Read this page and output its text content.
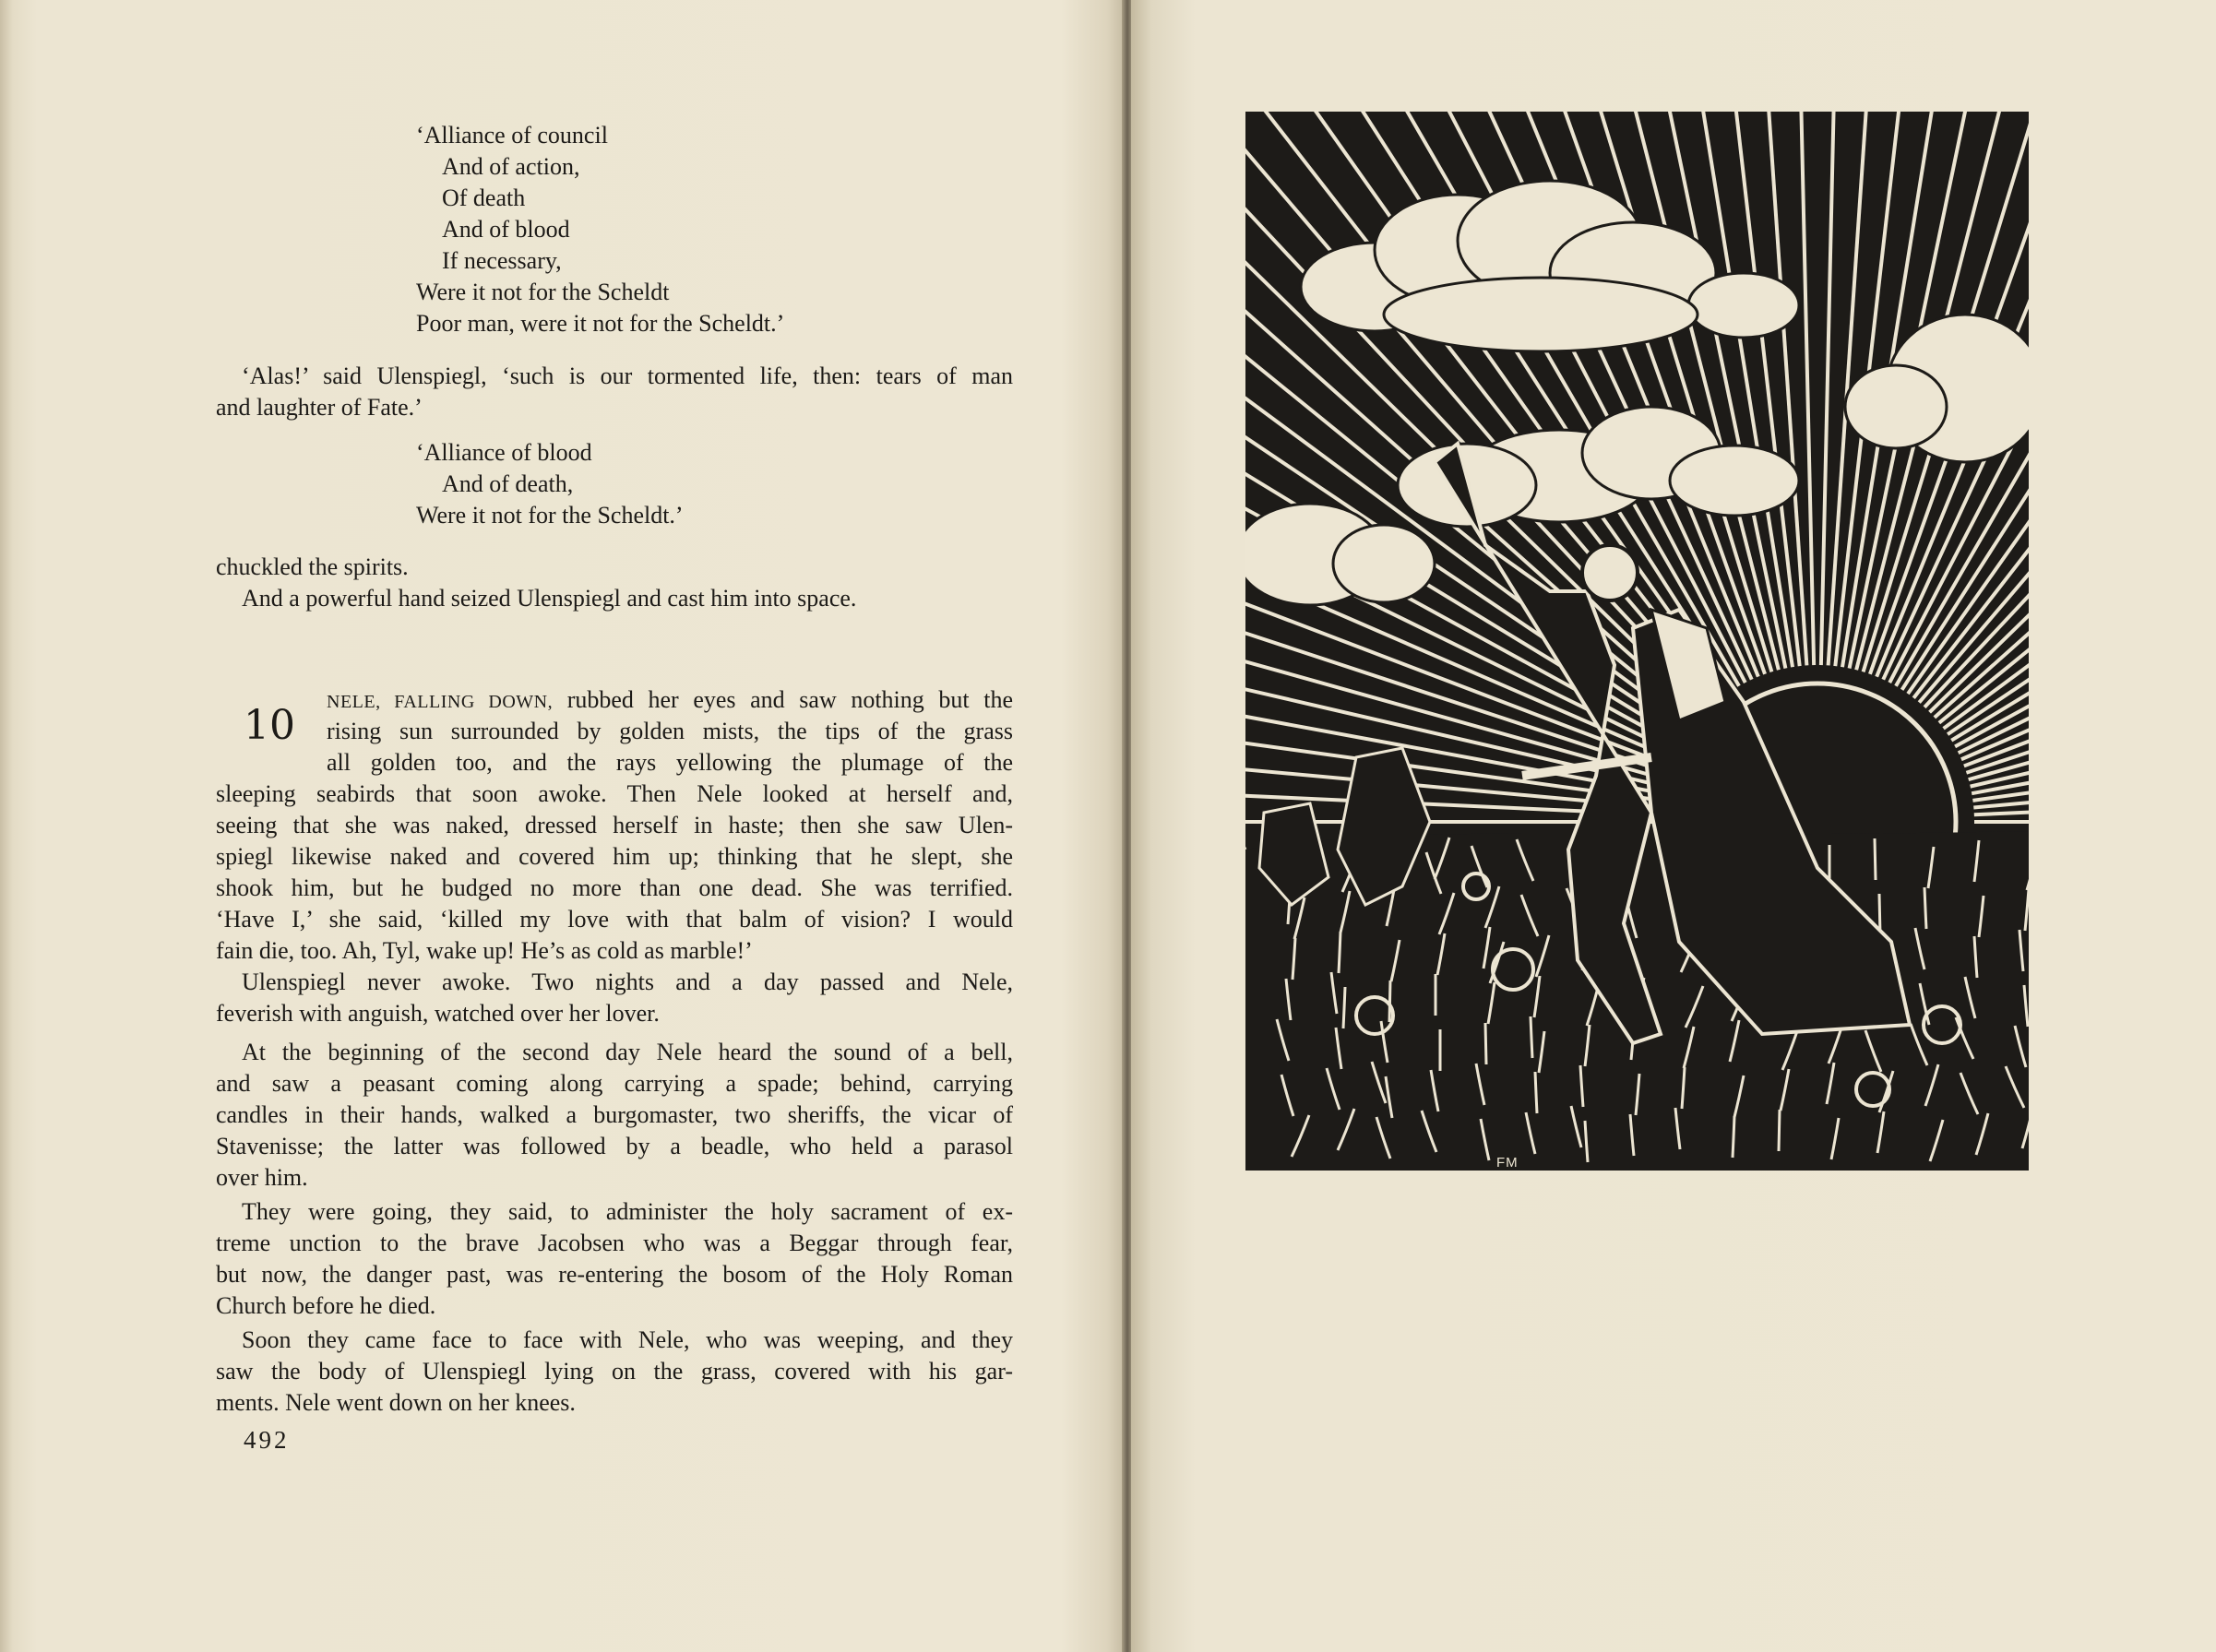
‘Alliance of council
And of action,
Of death
And of blood
If necessary,
Were it not for the Scheldt
Poor man, were it not for the Scheldt.’
‘Alas!’ said Ulenspiegl, ‘such is our tormented life, then: tears of man
and laughter of Fate.’
‘Alliance of blood
And of death,
Were it not for the Scheldt.’
chuckled the spirits.
And a powerful hand seized Ulenspiegl and cast him into space.
10 NELE, FALLING DOWN, rubbed her eyes and saw nothing but the
rising sun surrounded by golden mists, the tips of the grass
all golden too, and the rays yellowing the plumage of the
sleeping seabirds that soon awoke. Then Nele looked at herself and,
seeing that she was naked, dressed herself in haste; then she saw Ulen-
spiegl likewise naked and covered him up; thinking that he slept, she
shook him, but he budged no more than one dead. She was terrified.
‘Have I,’ she said, ‘killed my love with that balm of vision? I would
fain die, too. Ah, Tyl, wake up! He’s as cold as marble!’
Ulenspiegl never awoke. Two nights and a day passed and Nele,
feverish with anguish, watched over her lover.
At the beginning of the second day Nele heard the sound of a bell,
and saw a peasant coming along carrying a spade; behind, carrying
candles in their hands, walked a burgomaster, two sheriffs, the vicar of
Stavenisse; the latter was followed by a beadle, who held a parasol
over him.
They were going, they said, to administer the holy sacrament of ex-
treme unction to the brave Jacobsen who was a Beggar through fear,
but now, the danger past, was re-entering the bosom of the Holy Roman
Church before he died.
Soon they came face to face with Nele, who was weeping, and they
saw the body of Ulenspiegl lying on the grass, covered with his gar-
ments. Nele went down on her knees.
492
FM
